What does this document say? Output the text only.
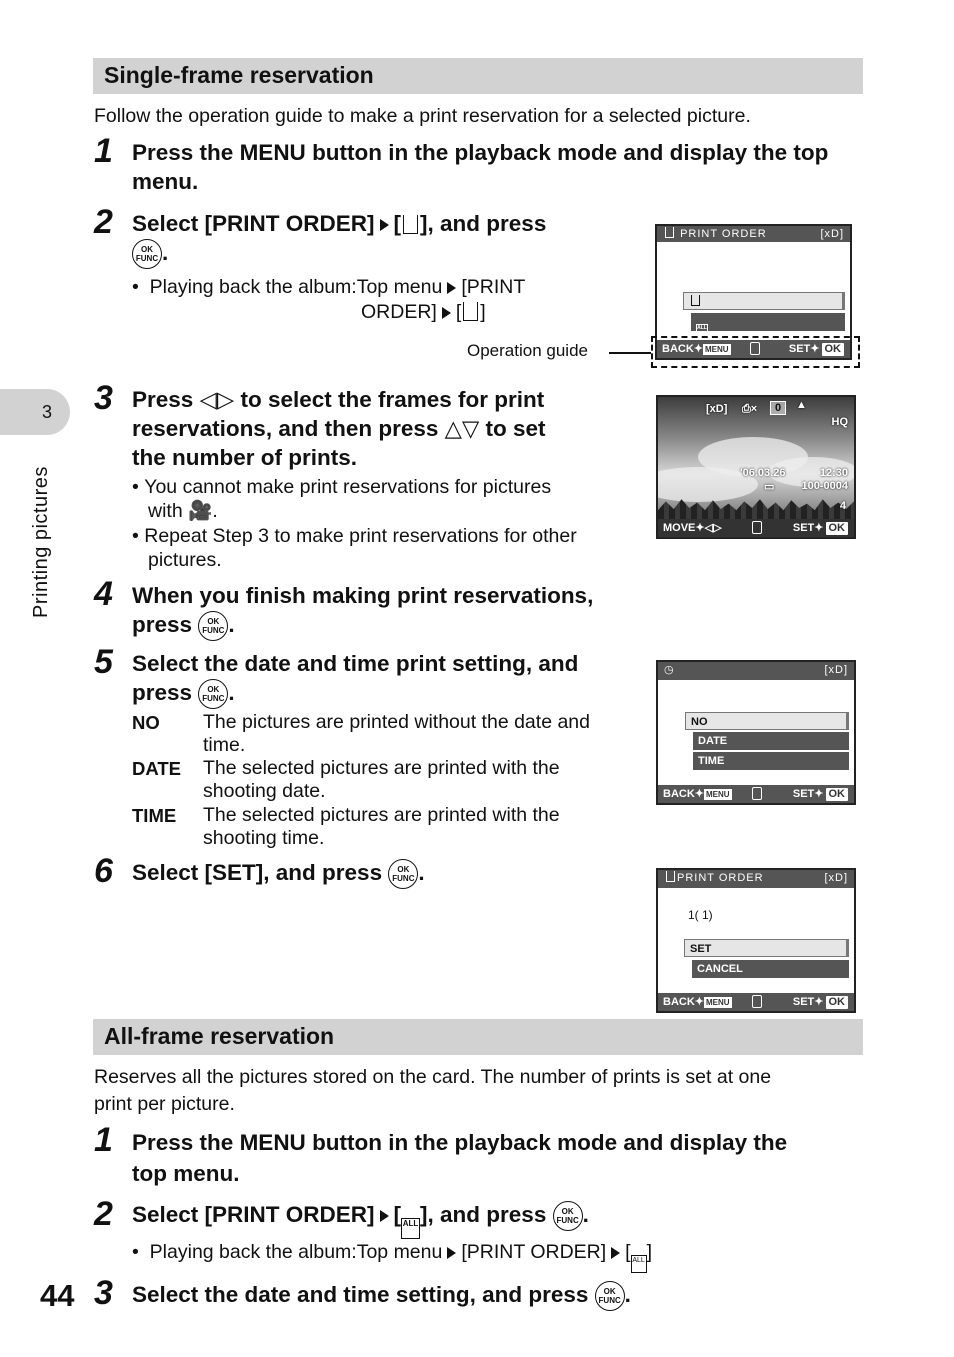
3
Printing pictures
Single-frame reservation
Follow the operation guide to make a print reservation for a selected picture.
1 Press the MENU button in the playback mode and display the top menu.
2 Select [PRINT ORDER] [ ], and press
OK
FUNC .
•  Playing back the album:Top menu [PRINT
ORDER] [ ]
PRINT ORDER	[xD]
ALL
BACK✦ MENU	SET✦ OK
Operation guide
3 Press ◁▷ to select the frames for print
reservations, and then press △▽ to set
the number of prints.
• You cannot make print reservations for pictures
with 🎥.
• Repeat Step 3 to make print reservations for other
pictures.
[xD] ⎙×	0	▲
HQ
'06.03.26	12:30
▭ 100-0004
4
MOVE✦◁▷	SET✦ OK
4 When you finish making print reservations,
press OK
FUNC .
5 Select the date and time print setting, and
press OK
FUNC .
NO The pictures are printed without the date and
time.
DATE The selected pictures are printed with the
shooting date.
TIME The selected pictures are printed with the
shooting time.
◷	[xD]
NO
DATE
TIME
BACK✦ MENU	SET✦ OK
6 Select [SET], and press OK
FUNC .	PRINT ORDER	[xD]
1( 1)
SET
CANCEL
BACK✦ MENU	SET✦ OK
All-frame reservation
Reserves all the pictures stored on the card. The number of prints is set at one
print per picture.
1 Press the MENU button in the playback mode and display the
top menu.
2 Select [PRINT ORDER] [ ALL], and press OK
FUNC .
•  Playing back the album:Top menu [PRINT ORDER] [ ALL]
3 Select the date and time setting, and press OK
FUNC .
44
